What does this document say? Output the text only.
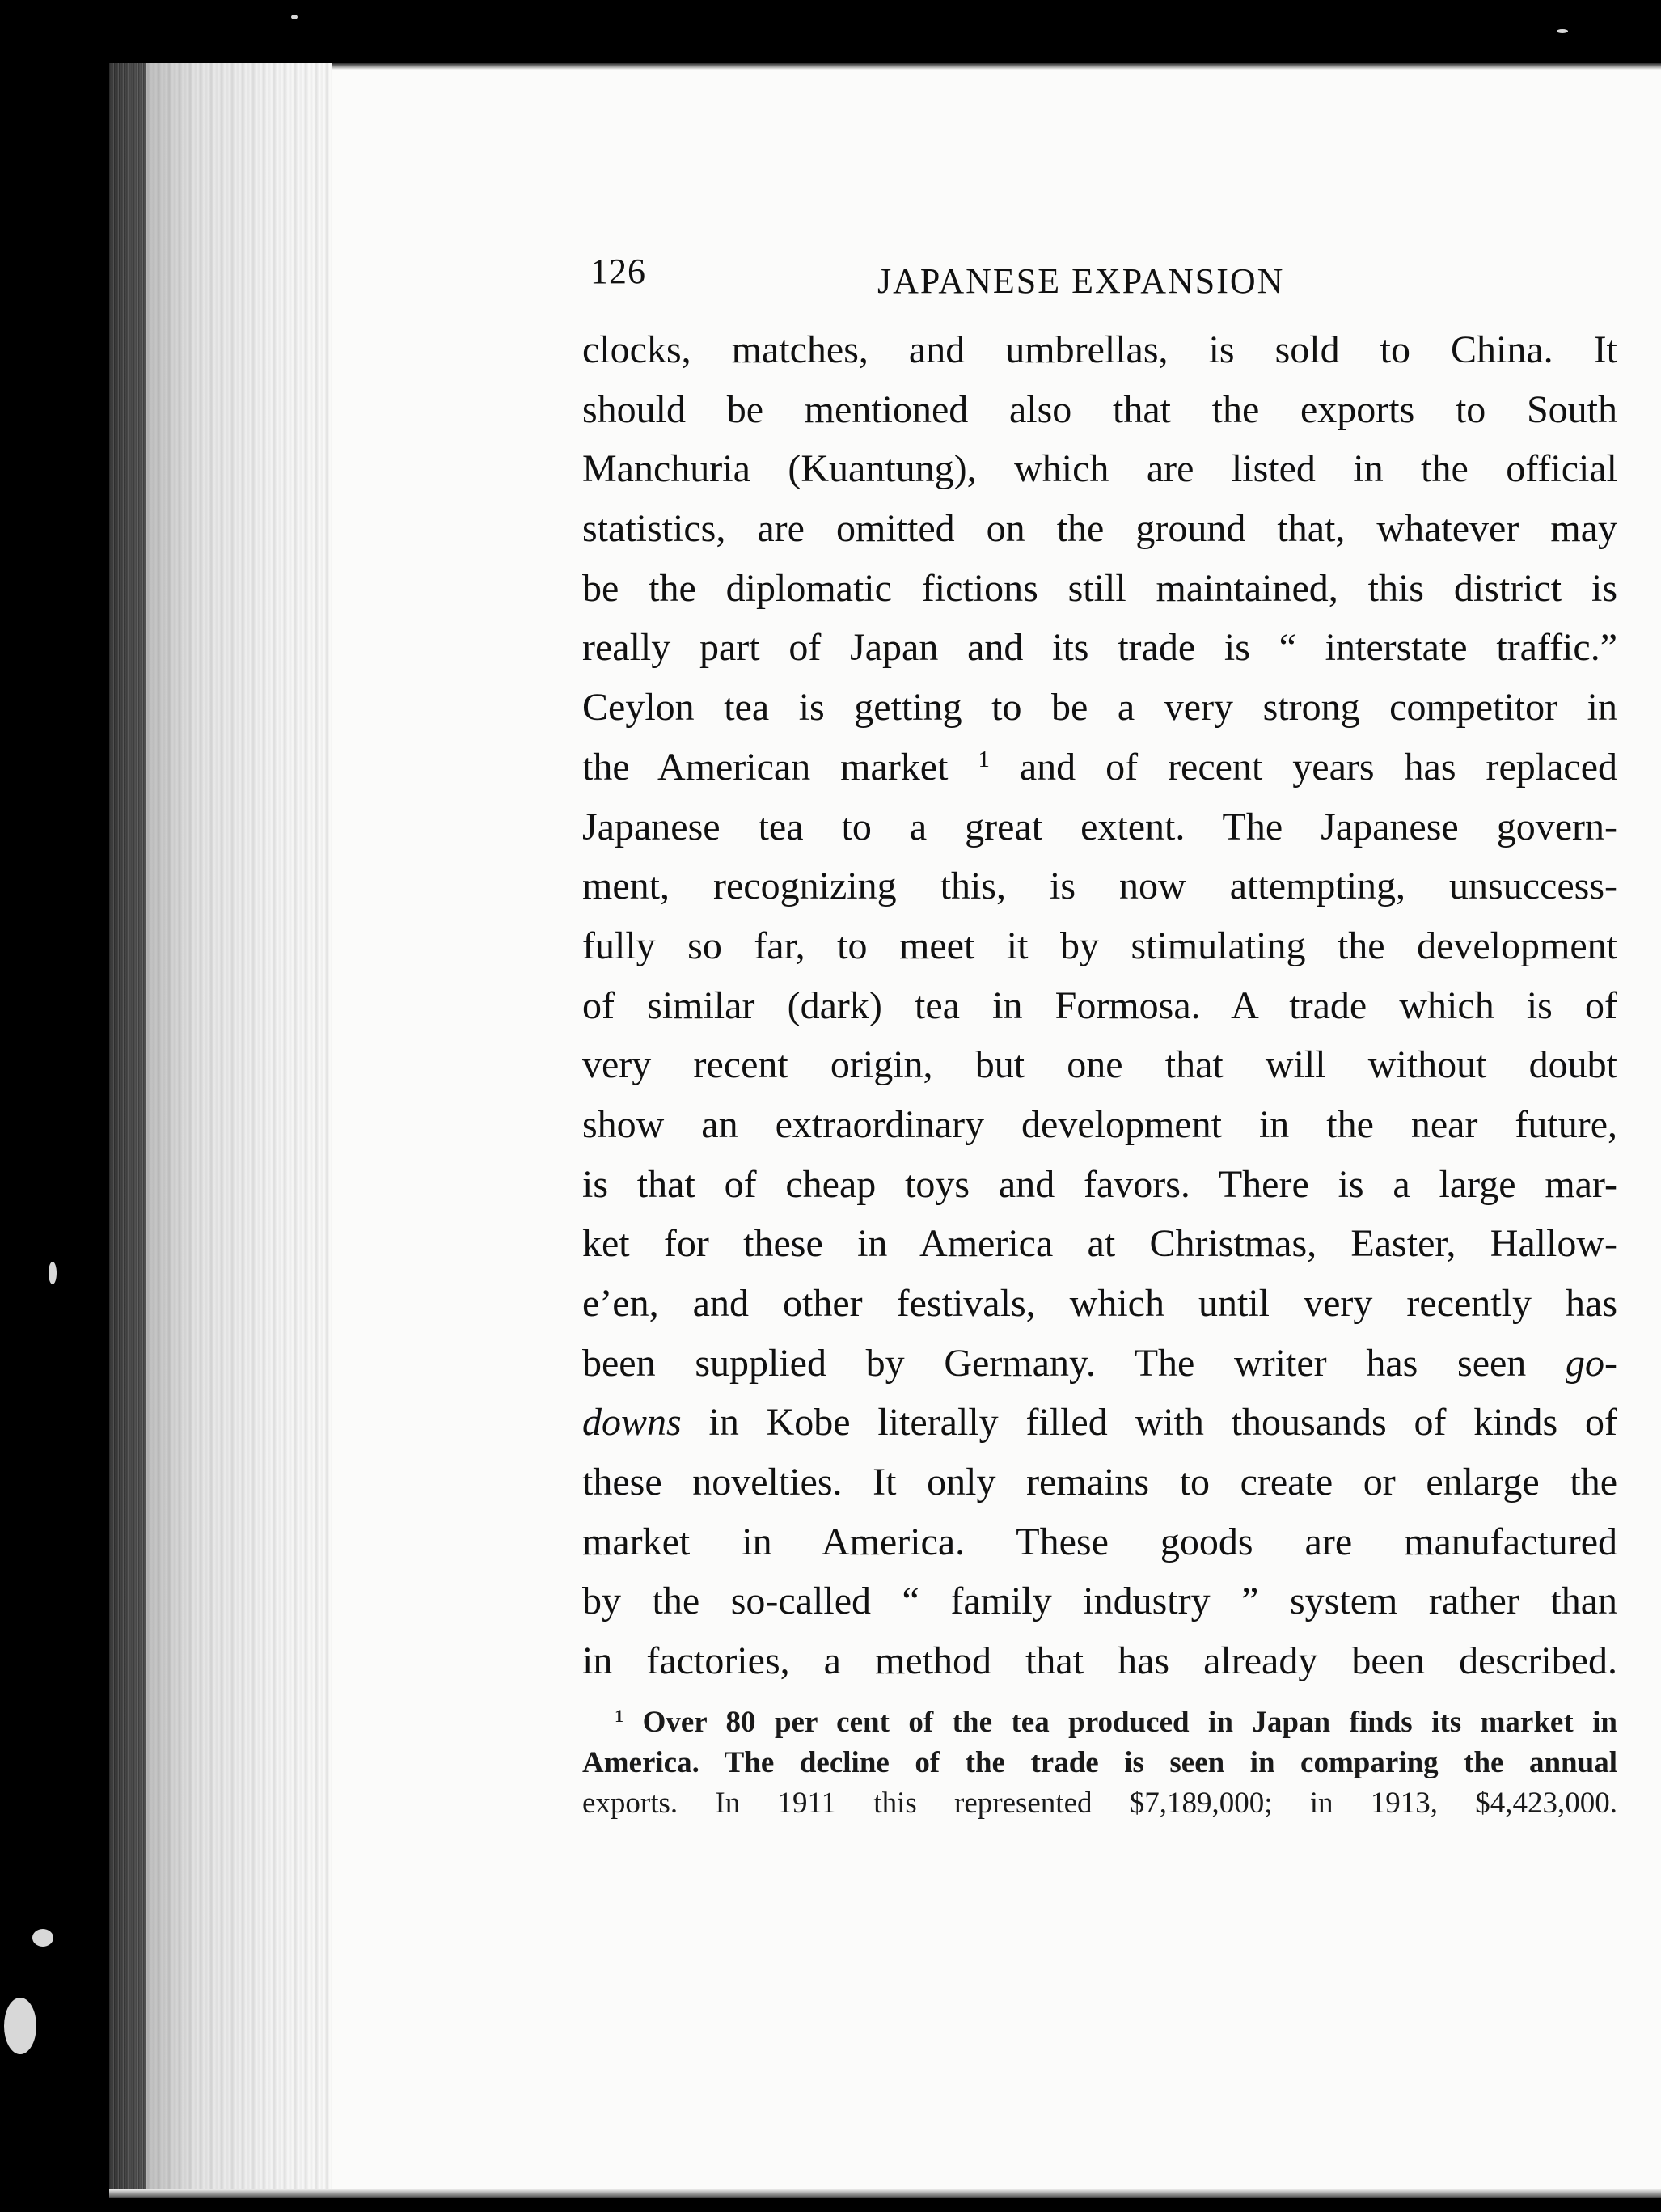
126	JAPANESE EXPANSION
clocks, matches, and umbrellas, is sold to China. It
should be mentioned also that the exports to South
Manchuria (Kuantung), which are listed in the official
statistics, are omitted on the ground that, whatever may
be the diplomatic fictions still maintained, this district is
really part of Japan and its trade is “ interstate traffic.”
Ceylon tea is getting to be a very strong competitor in
the American market $^1$ and of recent years has replaced
Japanese tea to a great extent. The Japanese govern-
ment, recognizing this, is now attempting, unsuccess-
fully so far, to meet it by stimulating the development
of similar (dark) tea in Formosa. A trade which is of
very recent origin, but one that will without doubt
show an extraordinary development in the near future,
is that of cheap toys and favors. There is a large mar-
ket for these in America at Christmas, Easter, Hallow-
e’en, and other festivals, which until very recently has
been supplied by Germany. The writer has seen go-
downs in Kobe literally filled with thousands of kinds of
these novelties. It only remains to create or enlarge the
market in America. These goods are manufactured
by the so-called “ family industry ” system rather than
in factories, a method that has already been described.
$^1$ Over 80 per cent of the tea produced in Japan finds its market in
America. The decline of the trade is seen in comparing the annual
exports. In 1911 this represented $7,189,000; in 1913, $4,423,000.
